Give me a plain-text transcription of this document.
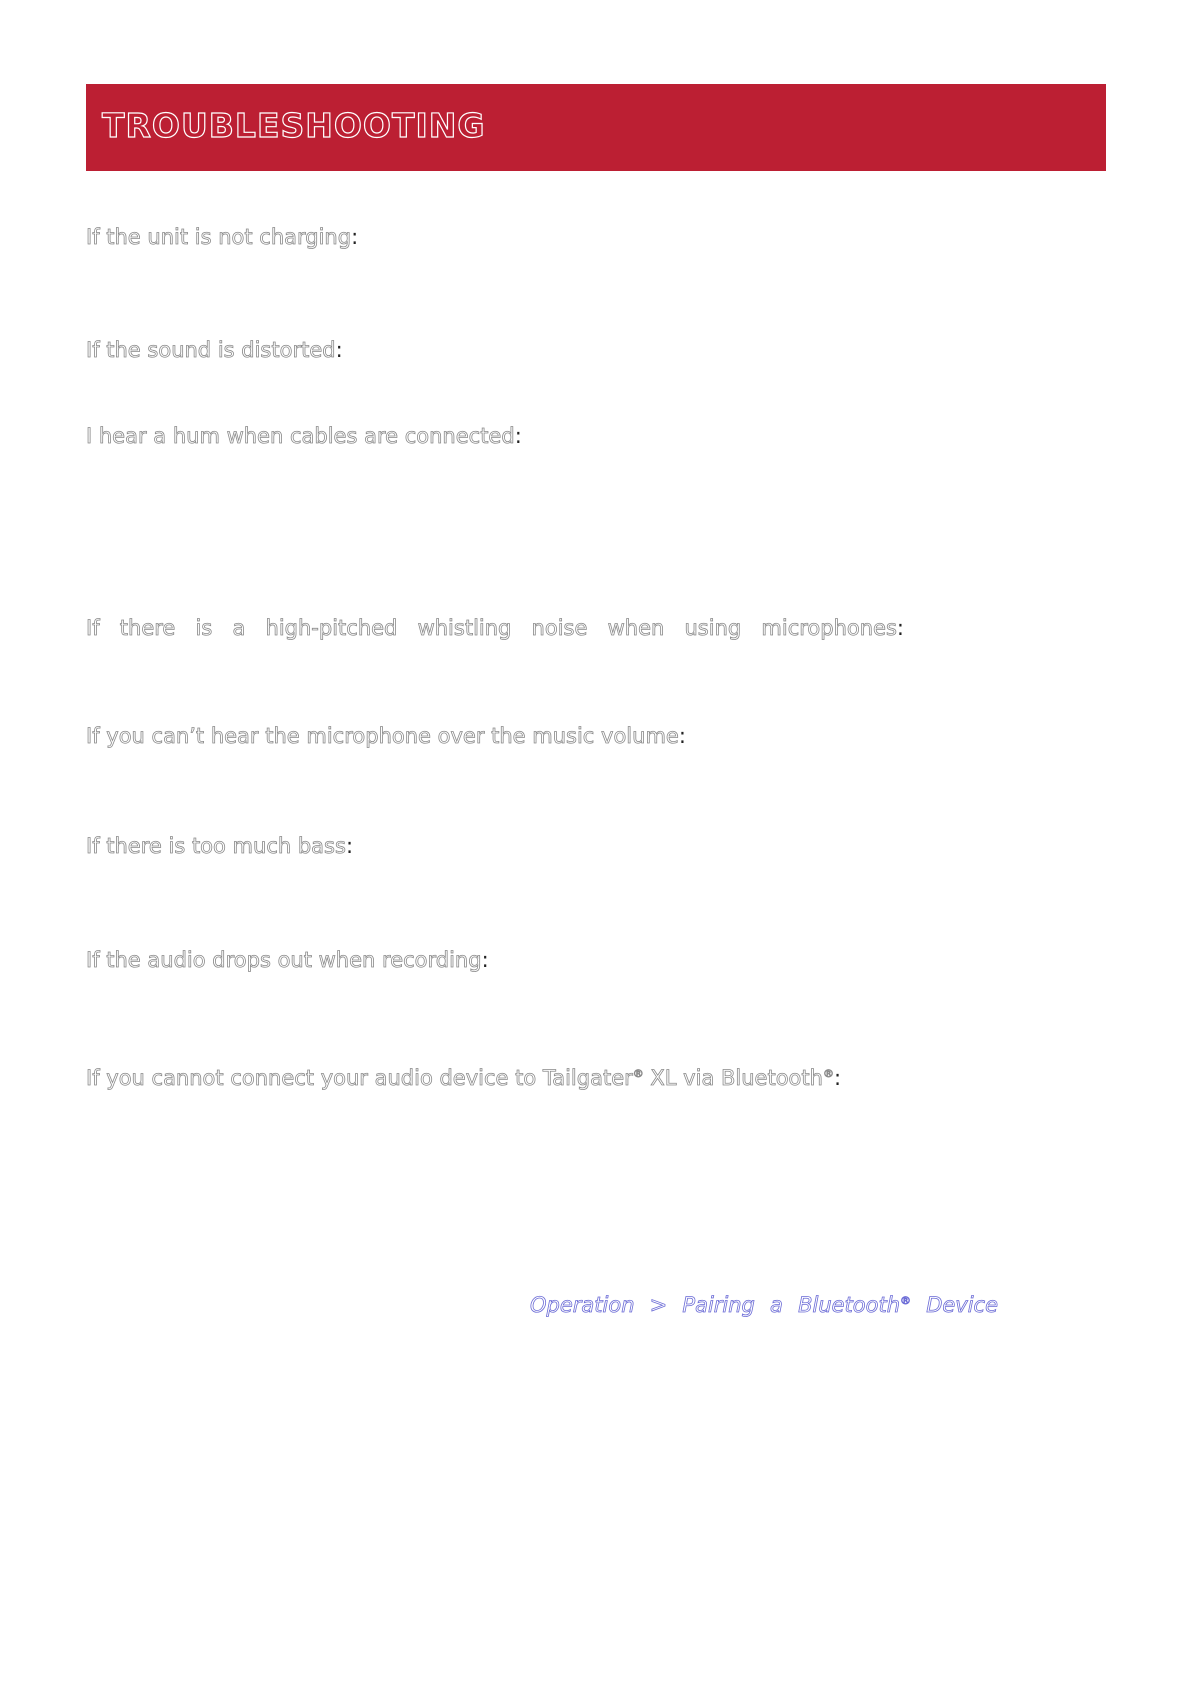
TROUBLESHOOTING
If the unit is not charging:
If the sound is distorted:
I hear a hum when cables are connected:
If there is a high-pitched whistling noise when using microphones:
If you can’t hear the microphone over the music volume:
If there is too much bass:
If the audio drops out when recording:
If you cannot connect your audio device to Tailgater® XL via Bluetooth®:
Operation > Pairing a Bluetooth® Device
